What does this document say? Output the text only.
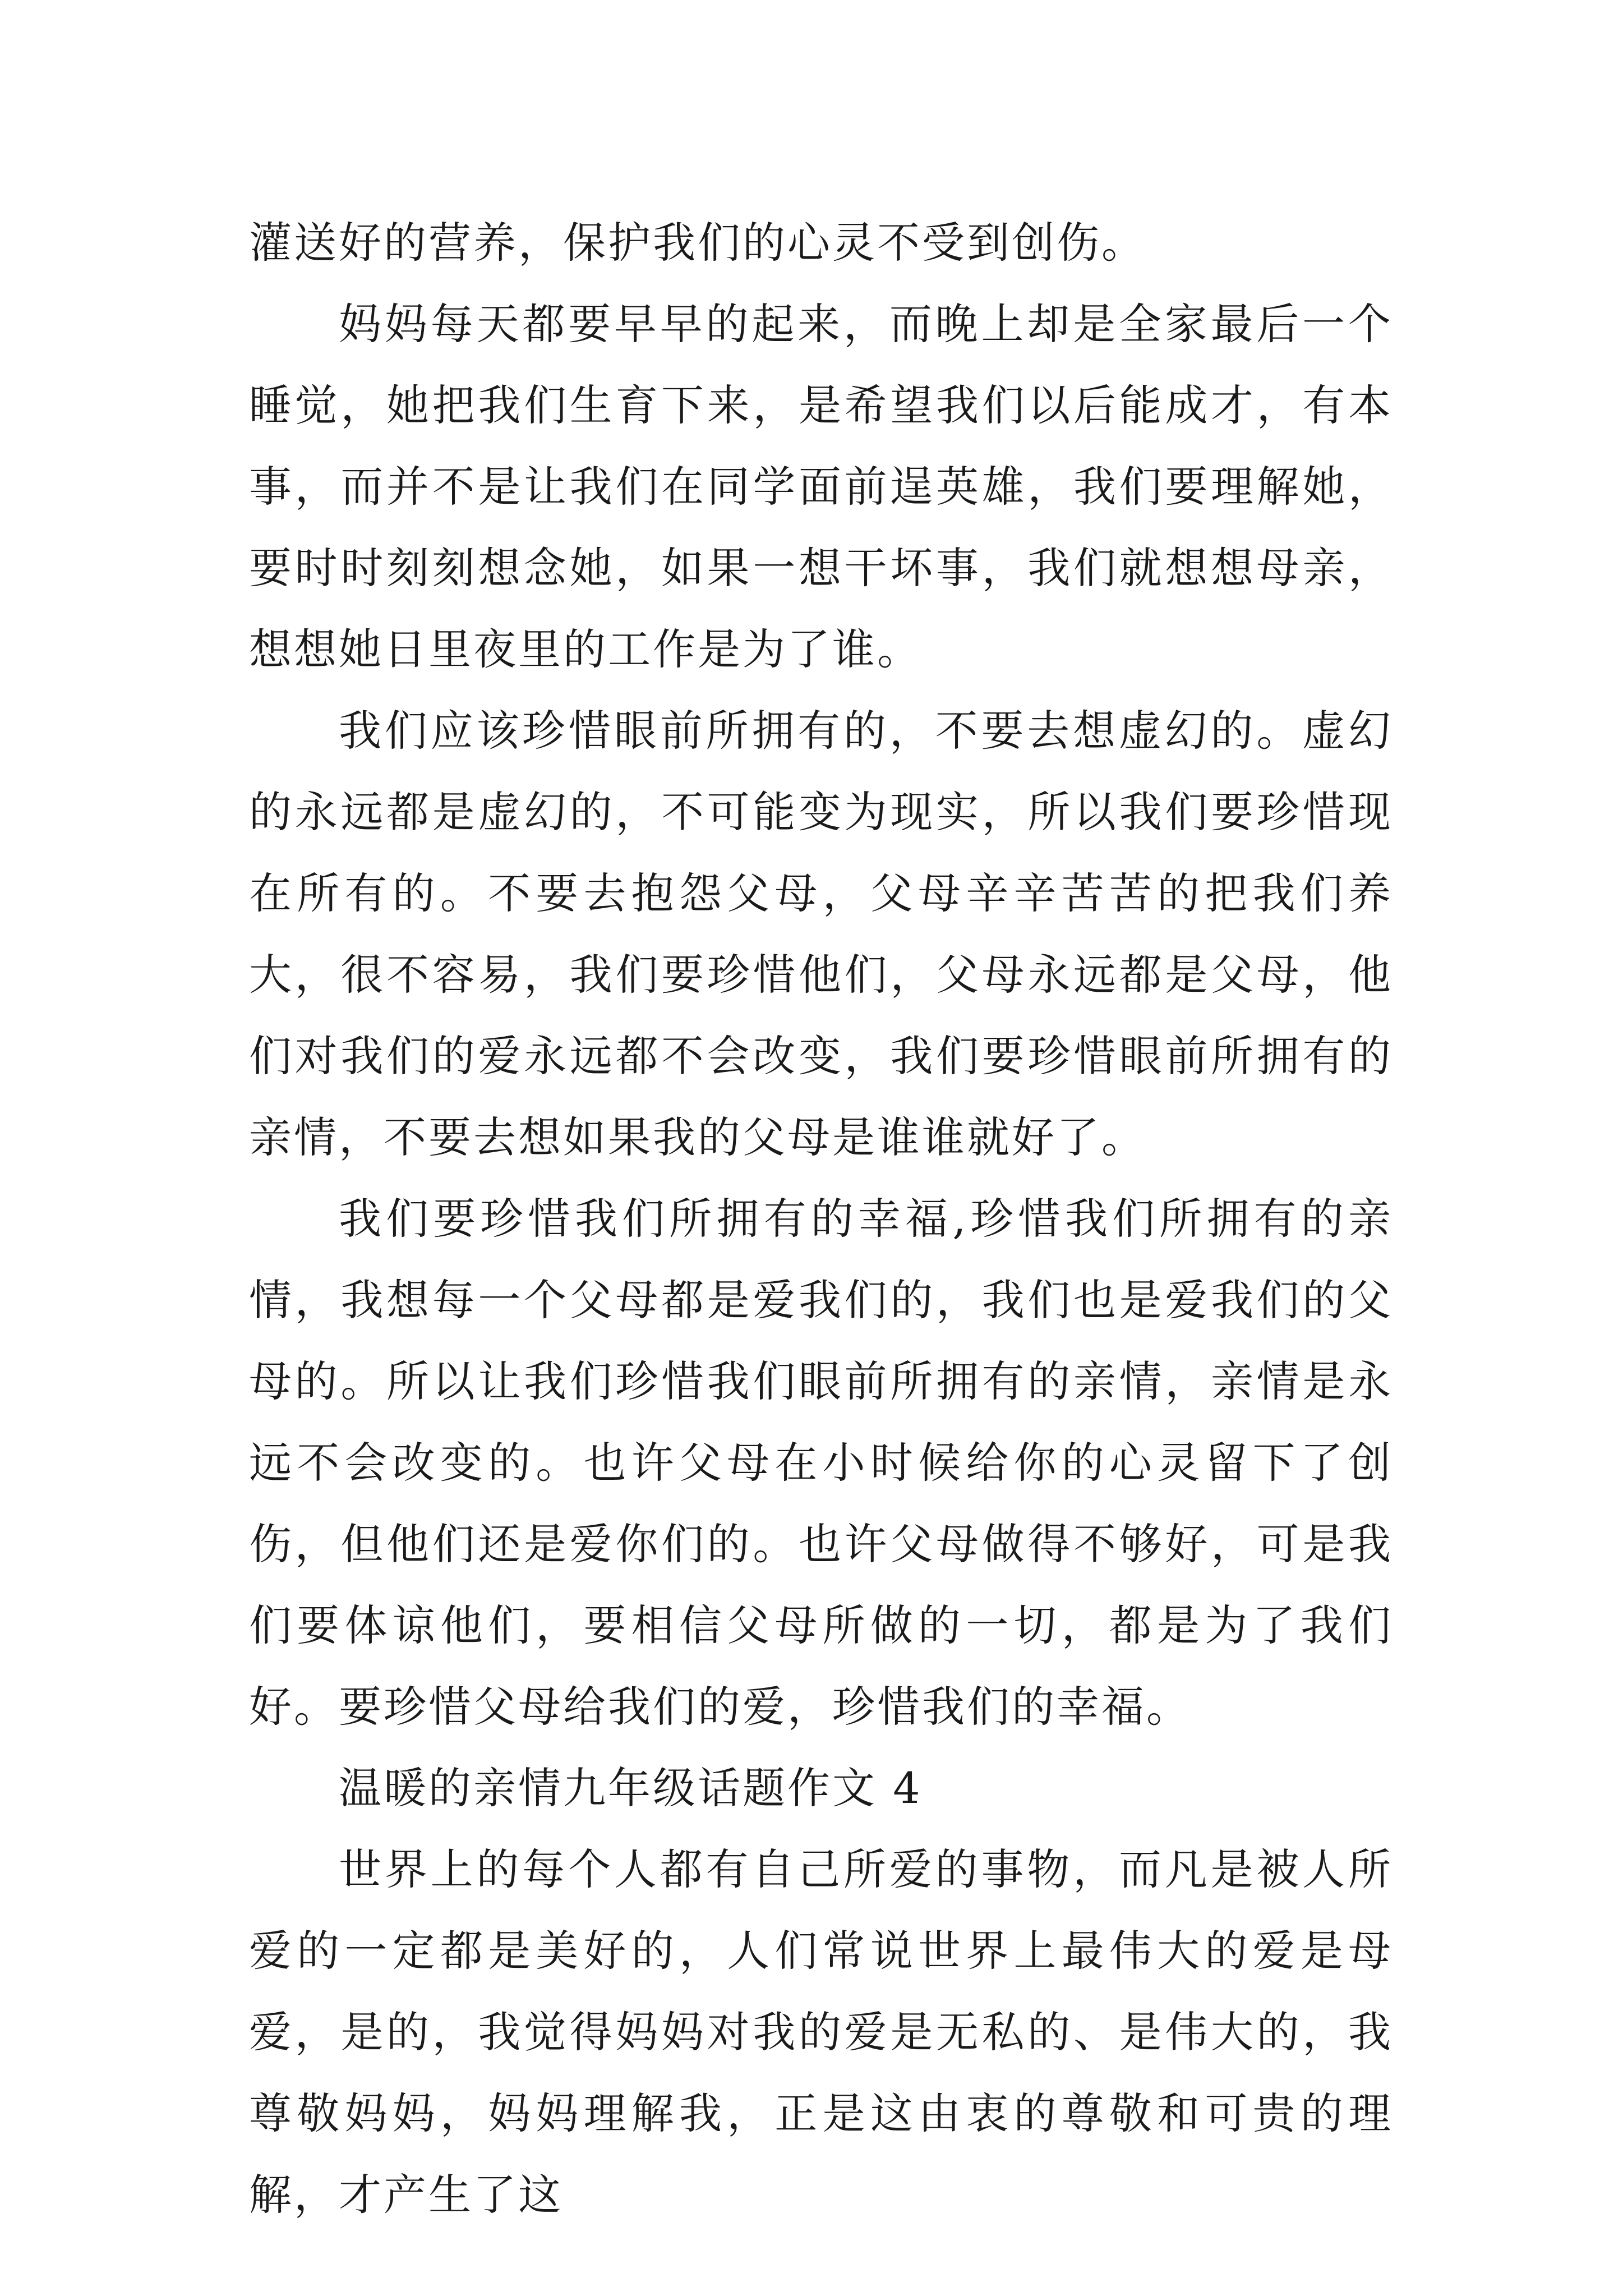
灌送好的营养，保护我们的心灵不受到创伤。

妈妈每天都要早早的起来，而晚上却是全家最后一个睡觉，她把我们生育下来，是希望我们以后能成才，有本事，而并不是让我们在同学面前逞英雄，我们要理解她，要时时刻刻想念她，如果一想干坏事，我们就想想母亲，想想她日里夜里的工作是为了谁。

我们应该珍惜眼前所拥有的，不要去想虚幻的。虚幻的永远都是虚幻的，不可能变为现实，所以我们要珍惜现在所有的。不要去抱怨父母，父母辛辛苦苦的把我们养大，很不容易，我们要珍惜他们，父母永远都是父母，他们对我们的爱永远都不会改变，我们要珍惜眼前所拥有的亲情，不要去想如果我的父母是谁谁就好了。

我们要珍惜我们所拥有的幸福,珍惜我们所拥有的亲情，我想每一个父母都是爱我们的，我们也是爱我们的父母的。所以让我们珍惜我们眼前所拥有的亲情，亲情是永远不会改变的。也许父母在小时候给你的心灵留下了创伤，但他们还是爱你们的。也许父母做得不够好，可是我们要体谅他们，要相信父母所做的一切，都是为了我们好。要珍惜父母给我们的爱，珍惜我们的幸福。

温暖的亲情九年级话题作文 4

世界上的每个人都有自己所爱的事物，而凡是被人所爱的一定都是美好的，人们常说世界上最伟大的爱是母爱，是的，我觉得妈妈对我的爱是无私的、是伟大的，我尊敬妈妈，妈妈理解我，正是这由衷的尊敬和可贵的理解，才产生了这
